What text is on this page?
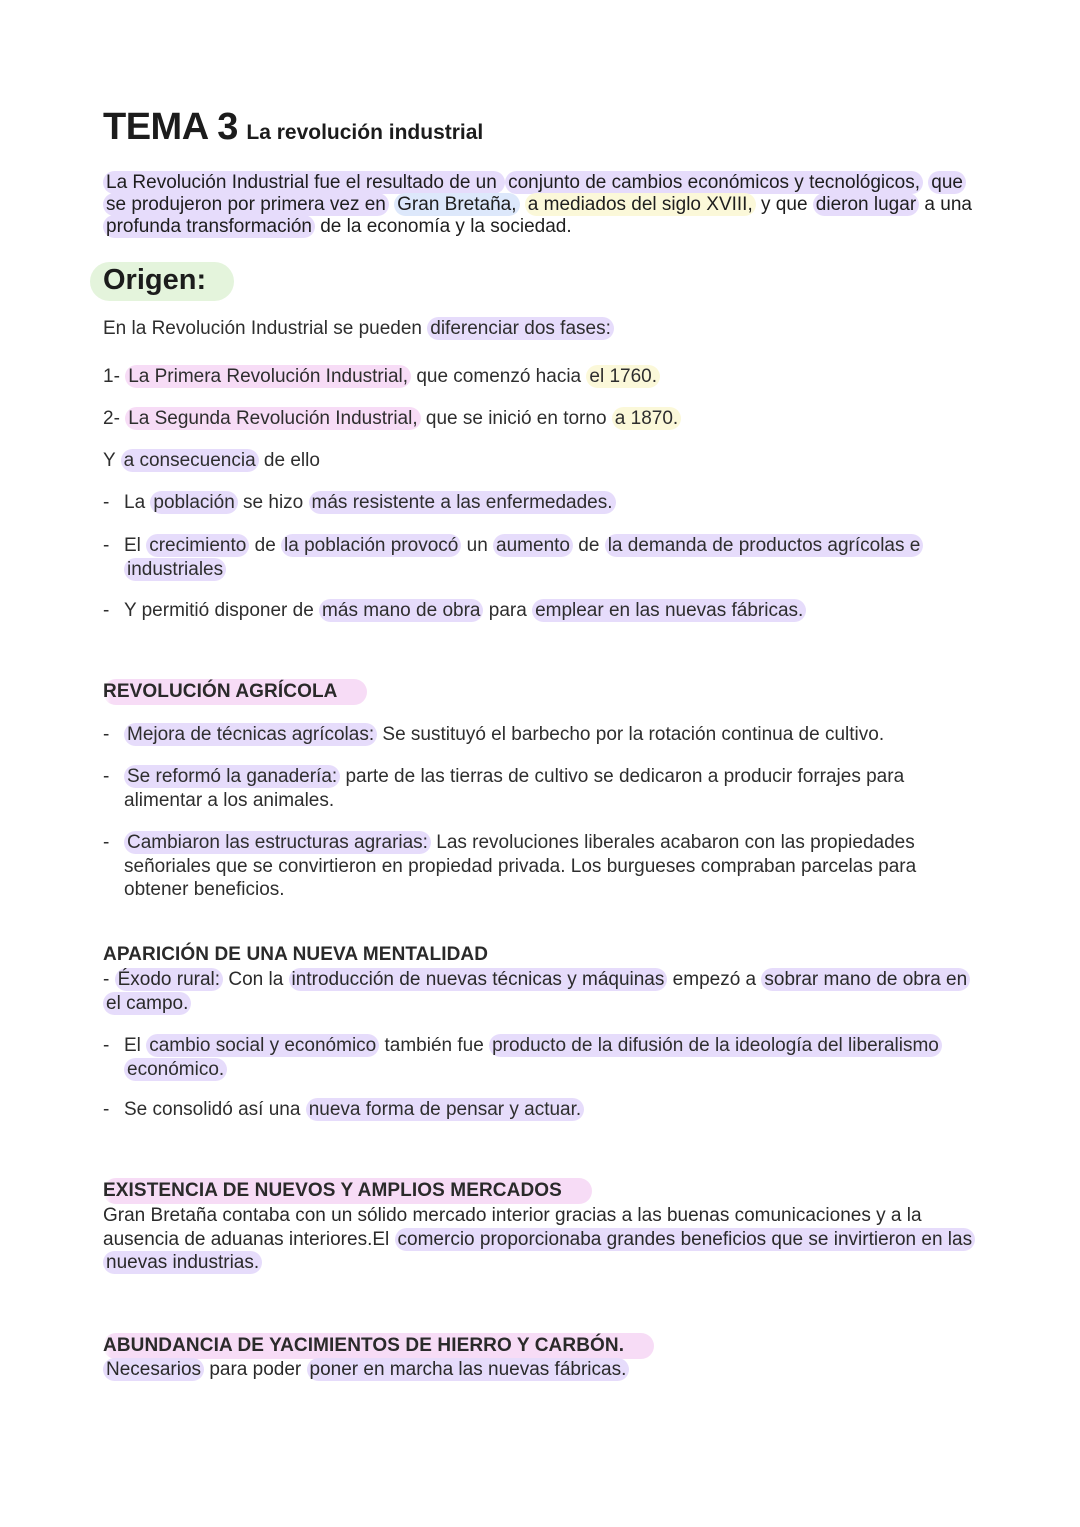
TEMA 3 La revolución industrial
La Revolución Industrial fue el resultado de un conjunto de cambios económicos y tecnológicos, que se produjeron por primera vez en Gran Bretaña, a mediados del siglo XVIII, y que dieron lugar a una profunda transformación de la economía y la sociedad.
Origen:
En la Revolución Industrial se pueden diferenciar dos fases:
1- La Primera Revolución Industrial, que comenzó hacia el 1760.
2- La Segunda Revolución Industrial, que se inició en torno a 1870.
Y a consecuencia de ello
- La población se hizo más resistente a las enfermedades.
- El crecimiento de la población provocó un aumento de la demanda de productos agrícolas e industriales
- Y permitió disponer de más mano de obra para emplear en las nuevas fábricas.
REVOLUCIÓN AGRÍCOLA
- Mejora de técnicas agrícolas: Se sustituyó el barbecho por la rotación continua de cultivo.
- Se reformó la ganadería: parte de las tierras de cultivo se dedicaron a producir forrajes para alimentar a los animales.
- Cambiaron las estructuras agrarias: Las revoluciones liberales acabaron con las propiedades señoriales que se convirtieron en propiedad privada. Los burgueses compraban parcelas para obtener beneficios.
APARICIÓN DE UNA NUEVA MENTALIDAD
- Éxodo rural: Con la introducción de nuevas técnicas y máquinas empezó a sobrar mano de obra en el campo.
- El cambio social y económico también fue producto de la difusión de la ideología del liberalismo económico.
- Se consolidó así una nueva forma de pensar y actuar.
EXISTENCIA DE NUEVOS Y AMPLIOS MERCADOS
Gran Bretaña contaba con un sólido mercado interior gracias a las buenas comunicaciones y a la ausencia de aduanas interiores.El comercio proporcionaba grandes beneficios que se invirtieron en las nuevas industrias.
ABUNDANCIA DE YACIMIENTOS DE HIERRO Y CARBÓN.
Necesarios para poder poner en marcha las nuevas fábricas.
